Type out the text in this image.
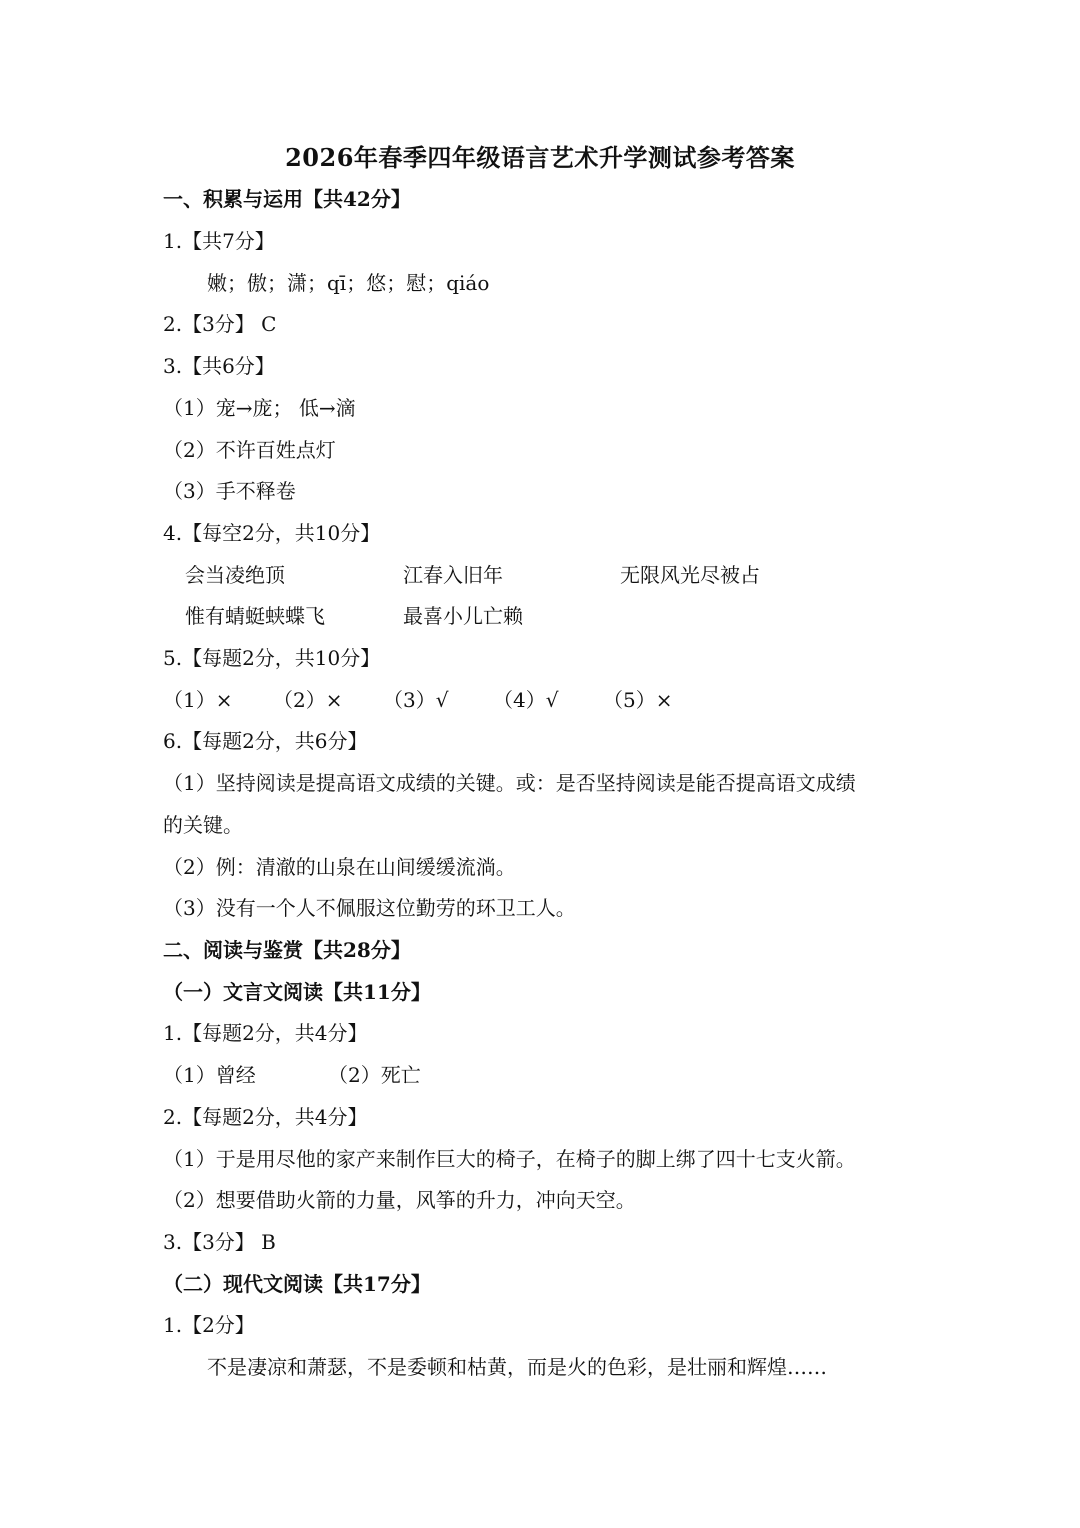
2026年春季四年级语言艺术升学测试参考答案
一、积累与运用【共42分】
1.【共7分】
嫩；傲；潇；qī；悠；慰；qiáo
2.【3分】 C
3.【共6分】
（1）宠→庞； 低→滴
（2）不许百姓点灯
（3）手不释卷
4.【每空2分，共10分】
会当凌绝顶	江春入旧年	无限风光尽被占
惟有蜻蜓蛱蝶飞	最喜小儿亡赖
5.【每题2分，共10分】
（1）× （2）× （3）√ （4）√ （5）×
6.【每题2分，共6分】
（1）坚持阅读是提高语文成绩的关键。或：是否坚持阅读是能否提高语文成绩
的关键。
（2）例：清澈的山泉在山间缓缓流淌。
（3）没有一个人不佩服这位勤劳的环卫工人。
二、阅读与鉴赏【共28分】
（一）文言文阅读【共11分】
1.【每题2分，共4分】
（1）曾经	（2）死亡
2.【每题2分，共4分】
（1）于是用尽他的家产来制作巨大的椅子，在椅子的脚上绑了四十七支火箭。
（2）想要借助火箭的力量，风筝的升力，冲向天空。
3.【3分】 B
（二）现代文阅读【共17分】
1.【2分】
不是凄凉和萧瑟，不是委顿和枯黄，而是火的色彩，是壮丽和辉煌……
